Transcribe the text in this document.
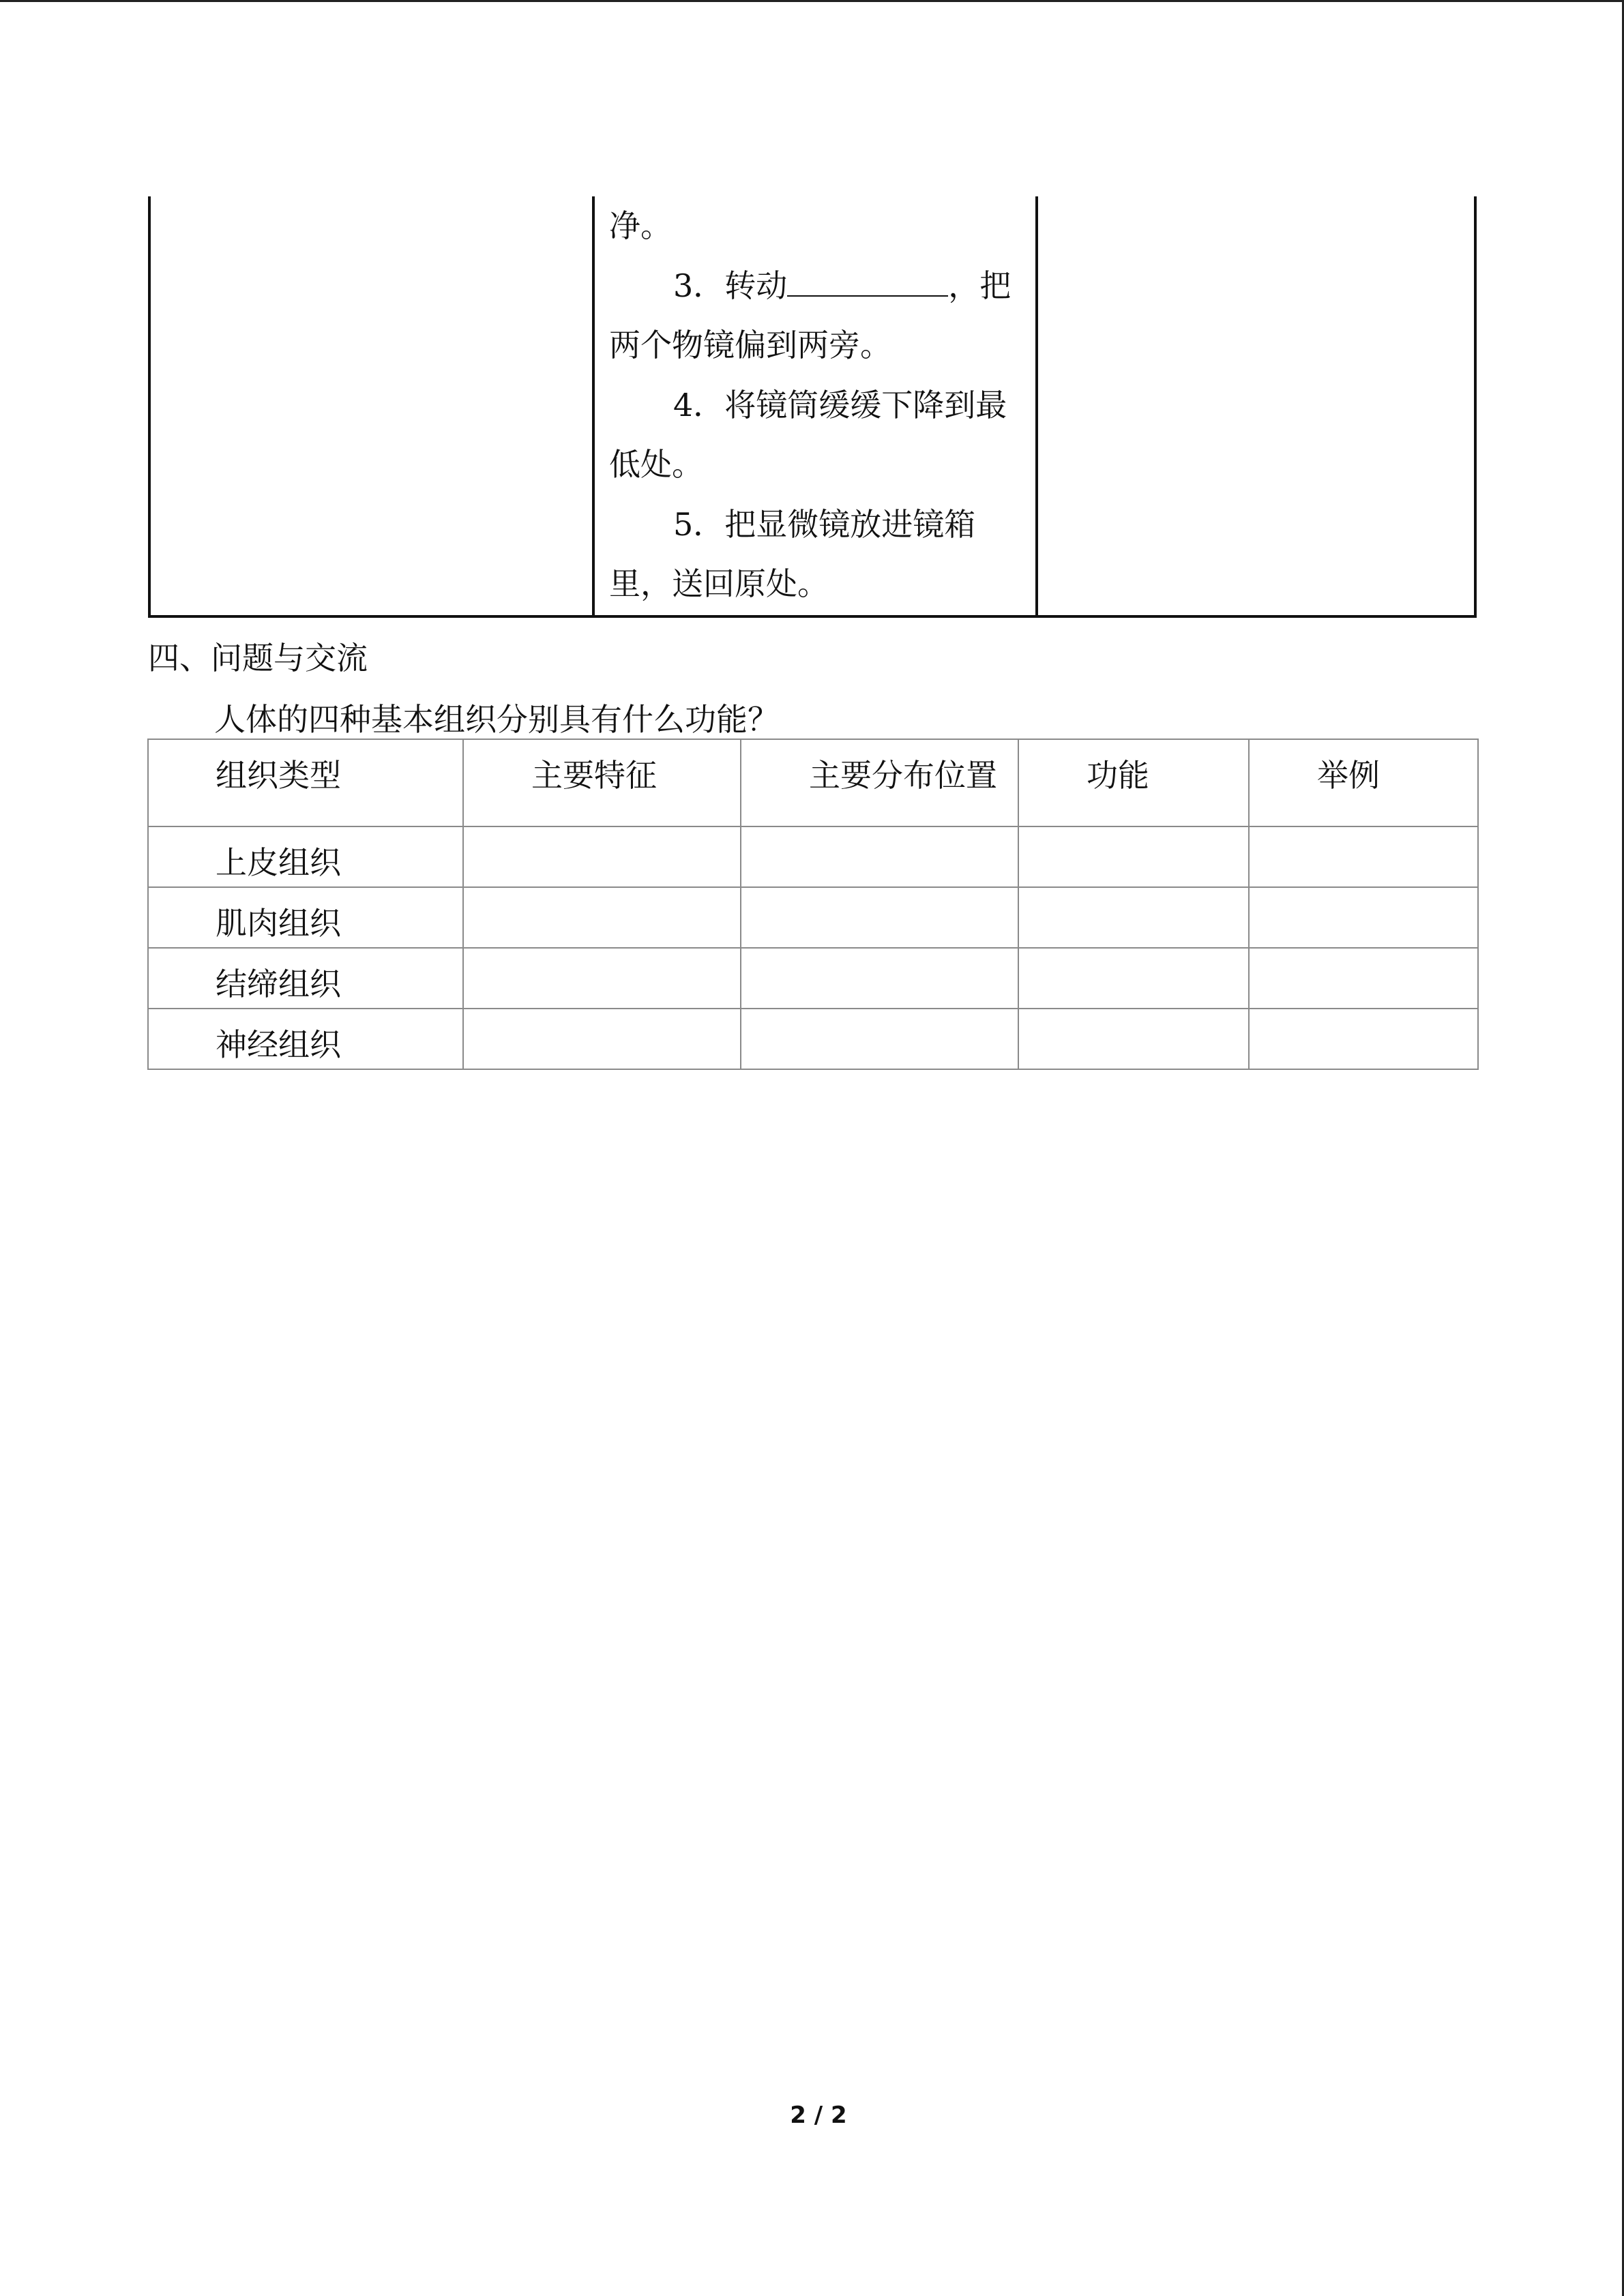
净。
3．转动	，把
两个物镜偏到两旁。
4．将镜筒缓缓下降到最
低处。
5．把显微镜放进镜箱
里，送回原处。
四、问题与交流
人体的四种基本组织分别具有什么功能？
组织类型	主要特征	主要分布位置	功能	举例

上皮组织				

肌肉组织				

结缔组织				

神经组织				

2 / 2
